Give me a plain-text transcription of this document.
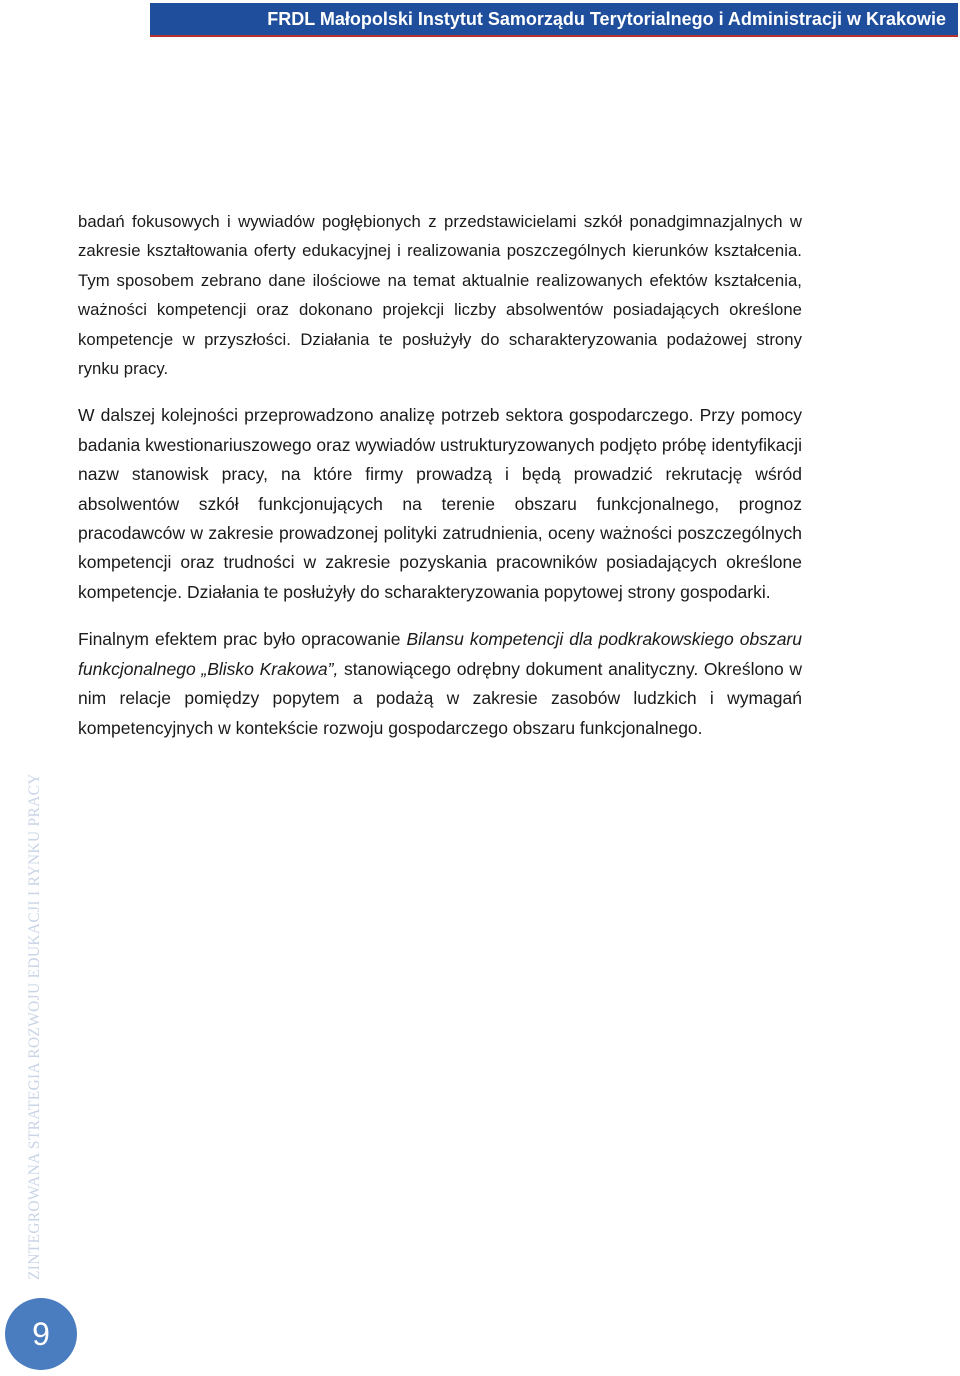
FRDL Małopolski Instytut Samorządu Terytorialnego i Administracji w Krakowie

badań fokusowych i wywiadów pogłębionych z przedstawicielami szkół ponadgimnazjalnych w zakresie kształtowania oferty edukacyjnej i realizowania poszczególnych kierunków kształcenia. Tym sposobem zebrano dane ilościowe na temat aktualnie realizowanych efektów kształcenia, ważności kompetencji oraz dokonano projekcji liczby absolwentów posiadających określone kompetencje w przyszłości. Działania te posłużyły do scharakteryzowania podażowej strony rynku pracy.

W dalszej kolejności przeprowadzono analizę potrzeb sektora gospodarczego. Przy pomocy badania kwestionariuszowego oraz wywiadów ustrukturyzowanych podjęto próbę identyfikacji nazw stanowisk pracy, na które firmy prowadzą i będą prowadzić rekrutację wśród absolwentów szkół funkcjonujących na terenie obszaru funkcjonalnego, prognoz pracodawców w zakresie prowadzonej polityki zatrudnienia, oceny ważności poszczególnych kompetencji oraz trudności w zakresie pozyskania pracowników posiadających określone kompetencje. Działania te posłużyły do scharakteryzowania popytowej strony gospodarki.

Finalnym efektem prac było opracowanie Bilansu kompetencji dla podkrakowskiego obszaru funkcjonalnego „Blisko Krakowa”, stanowiącego odrębny dokument analityczny. Określono w nim relacje pomiędzy popytem a podażą w zakresie zasobów ludzkich i wymagań kompetencyjnych w kontekście rozwoju gospodarczego obszaru funkcjonalnego.

ZINTEGROWANA STRATEGIA ROZWOJU EDUKACJI I RYNKU PRACY
9
